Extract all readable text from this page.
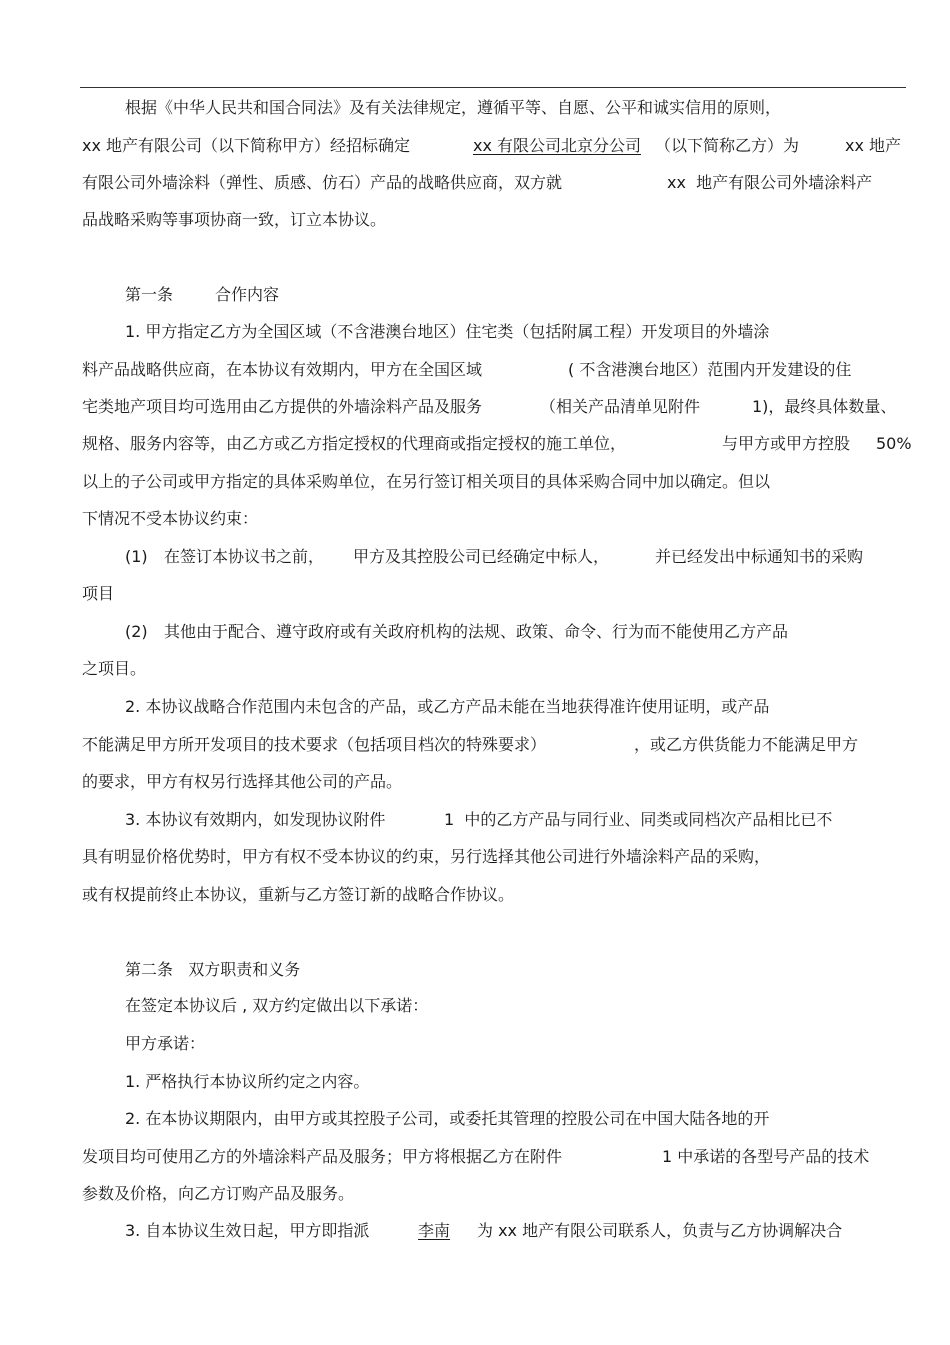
根据《中华人民共和国合同法》及有关法律规定，遵循平等、自愿、公平和诚实信用的原则，
xx 地产有限公司（以下简称甲方）经招标确定	xx 有限公司北京分公司 （以下简称乙方）为	xx 地产
有限公司外墙涂料（弹性、质感、仿石）产品的战略供应商，双方就	xx  地产有限公司外墙涂料产
品战略采购等事项协商一致，订立本协议。
第一条	合作内容
1. 甲方指定乙方为全国区域（不含港澳台地区）住宅类（包括附属工程）开发项目的外墙涂
料产品战略供应商，在本协议有效期内，甲方在全国区域	( 不含港澳台地区）范围内开发建设的住
宅类地产项目均可选用由乙方提供的外墙涂料产品及服务	（相关产品清单见附件	1)，最终具体数量、
规格、服务内容等，由乙方或乙方指定授权的代理商或指定授权的施工单位，	与甲方或甲方控股 50%
以上的子公司或甲方指定的具体采购单位，在另行签订相关项目的具体采购合同中加以确定。但以
下情况不受本协议约束：
(1) 在签订本协议书之前， 甲方及其控股公司已经确定中标人，	并已经发出中标通知书的采购
项目
(2) 其他由于配合、遵守政府或有关政府机构的法规、政策、命令、行为而不能使用乙方产品
之项目。
2. 本协议战略合作范围内未包含的产品，或乙方产品未能在当地获得准许使用证明，或产品
不能满足甲方所开发项目的技术要求（包括项目档次的特殊要求）	，或乙方供货能力不能满足甲方
的要求，甲方有权另行选择其他公司的产品。
3. 本协议有效期内，如发现协议附件	1  中的乙方产品与同行业、同类或同档次产品相比已不
具有明显价格优势时，甲方有权不受本协议的约束，另行选择其他公司进行外墙涂料产品的采购，
或有权提前终止本协议，重新与乙方签订新的战略合作协议。
第二条   双方职责和义务
在签定本协议后 , 双方约定做出以下承诺：
甲方承诺：
1. 严格执行本协议所约定之内容。
2. 在本协议期限内，由甲方或其控股子公司，或委托其管理的控股公司在中国大陆各地的开
发项目均可使用乙方的外墙涂料产品及服务；甲方将根据乙方在附件	1 中承诺的各型号产品的技术
参数及价格，向乙方订购产品及服务。
3. 自本协议生效日起，甲方即指派	李南 为 xx 地产有限公司联系人，负责与乙方协调解决合
